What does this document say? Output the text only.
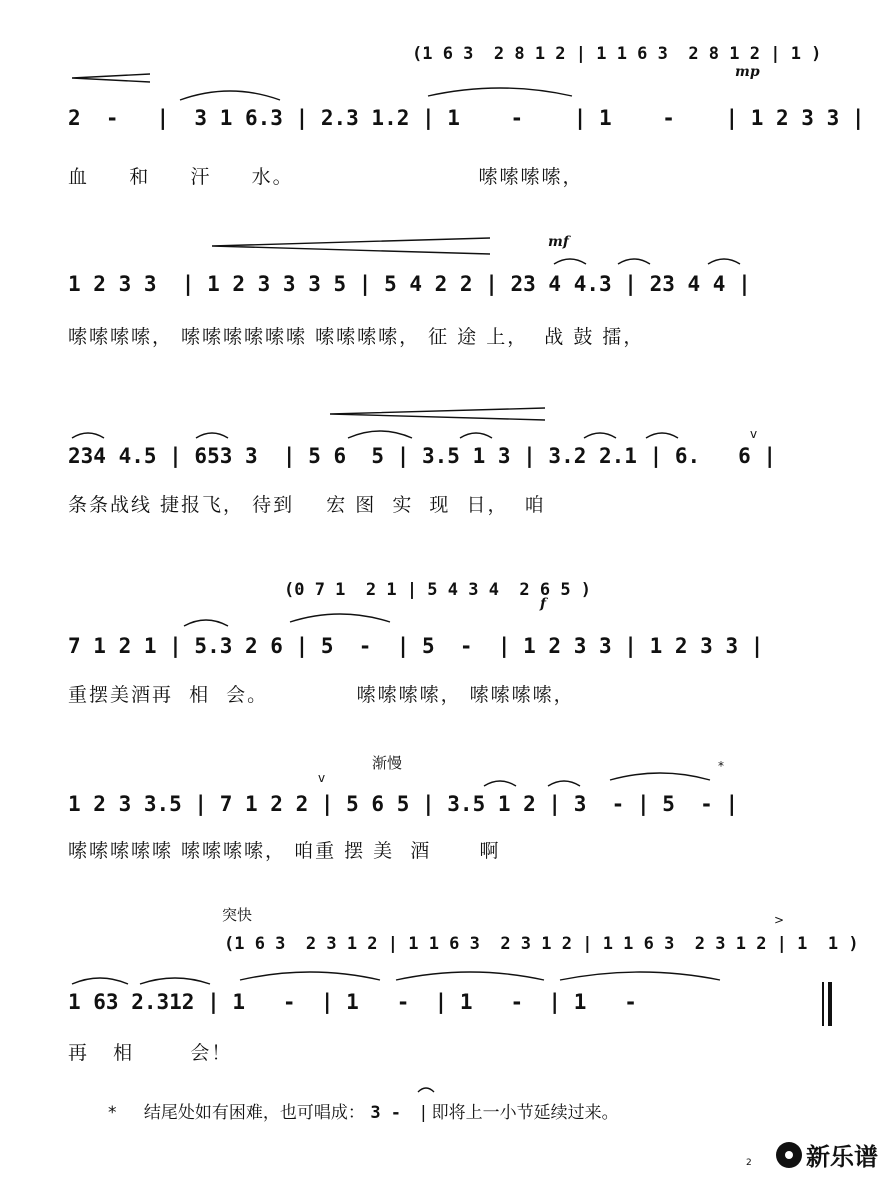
(1 6 3  2 8 1 2 | 1 1 6 3  2 8 1 2 | 1 )
mp
2  -   |  3 1 6.3 | 2.3 1.2 | 1    -    | 1    -    | 1 2 3 3 |
血     和     汗     水。                       嗦嗦嗦嗦，
mf
1 2 3 3  | 1 2 3 3 3 5 | 5 4 2 2 | 23 4 4.3 | 23 4 4 |
嗦嗦嗦嗦， 嗦嗦嗦嗦嗦嗦 嗦嗦嗦嗦， 征 途 上，  战 鼓 擂，
234 4.5 | 653 3  | 5 6  5 | 3.5 1 3 | 3.2 2.1 | 6.   6 |
条条战线 捷报飞， 待到    宏 图  实  现  日，  咱
(0 7 1  2 1 | 5 4 3 4  2 6 5 )
f
7 1 2 1 | 5.3 2 6 | 5  -  | 5  -  | 1 2 3 3 | 1 2 3 3 |
重摆美酒再  相  会。           嗦嗦嗦嗦， 嗦嗦嗦嗦，
渐慢
1 2 3 3.5 | 7 1 2 2 | 5 6 5 | 3.5 1 2 | 3  - | 5  - |
嗦嗦嗦嗦嗦 嗦嗦嗦嗦， 咱重 摆 美  酒      啊
突快
(1 6 3  2 3 1 2 | 1 1 6 3  2 3 1 2 | 1 1 6 3  2 3 1 2 | 1  1 )
1 63 2.312 | 1   -  | 1   -  | 1   -  | 1   -
再   相       会！
v
v
*
>
* 结尾处如有困难，也可唱成： 3 - | 即将上一小节延续过来。
2 新乐谱
